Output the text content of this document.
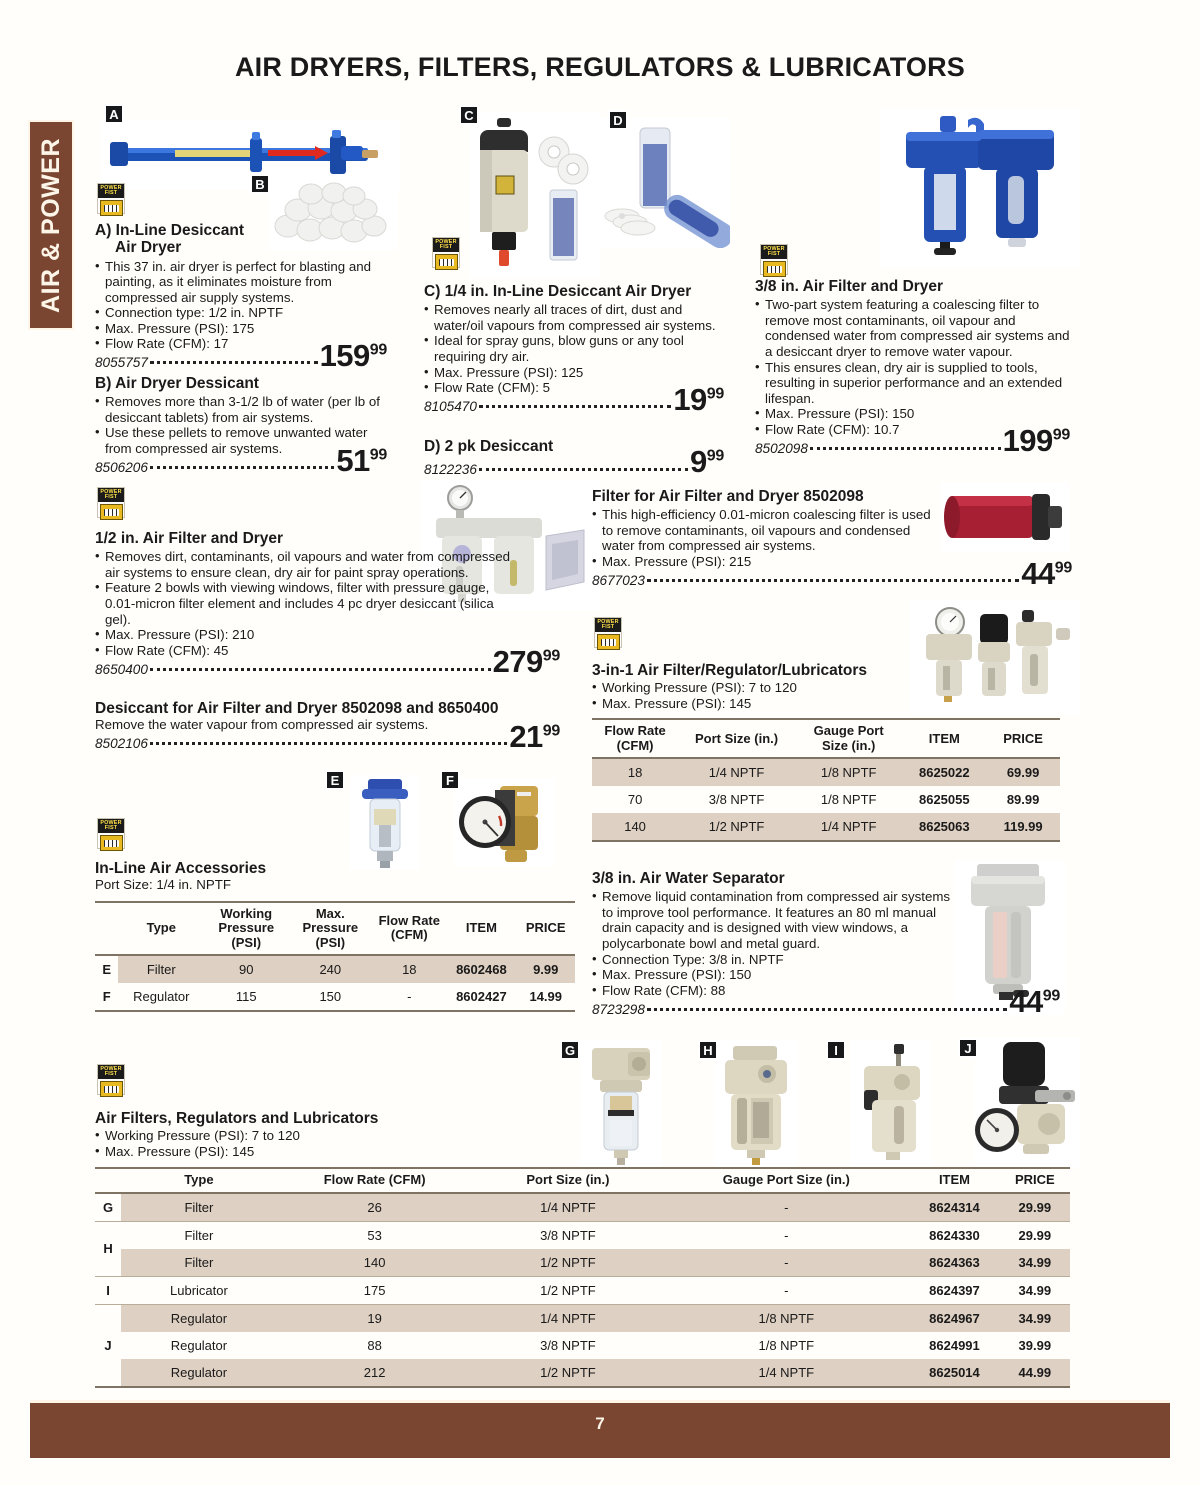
AIR & POWER
AIR DRYERS, FILTERS, REGULATORS & LUBRICATORS
A
B
POWER
FIST
A) In-Line Desiccant
Air Dryer
• This 37 in. air dryer is perfect for blasting and painting, as it eliminates moisture from compressed air supply systems.
• Connection type: 1/2 in. NPTF
• Max. Pressure (PSI): 175
• Flow Rate (CFM): 17
8055757	$159^{99}$
B) Air Dryer Dessicant
• Removes more than 3-1/2 lb of water (per lb of desiccant tablets) from air systems.
• Use these pellets to remove unwanted water from compressed air systems.
8506206	$51^{99}$
C	D
POWER
FIST
C) 1/4 in. In-Line Desiccant Air Dryer
• Removes nearly all traces of dirt, dust and water/oil vapours from compressed air systems.
• Ideal for spray guns, blow guns or any tool requiring dry air.
• Max. Pressure (PSI): 125
• Flow Rate (CFM): 5
8105470	$19^{99}$
D) 2 pk Desiccant
8122236	$9^{99}$
POWER
FIST
3/8 in. Air Filter and Dryer
• Two-part system featuring a coalescing filter to remove most contaminants, oil vapour and condensed water from compressed air systems and a desiccant dryer to remove water vapour.
• This ensures clean, dry air is supplied to tools, resulting in superior performance and an extended lifespan.
• Max. Pressure (PSI): 150
• Flow Rate (CFM): 10.7
8502098	$199^{99}$
POWER
FIST
1/2 in. Air Filter and Dryer
• Removes dirt, contaminants, oil vapours and water from compressed air systems to ensure clean, dry air for paint spray operations.
• Feature 2 bowls with viewing windows, filter with pressure gauge, 0.01-micron filter element and includes 4 pc dryer desiccant (silica gel).
• Max. Pressure (PSI): 210
• Flow Rate (CFM): 45
8650400	$279^{99}$
Desiccant for Air Filter and Dryer 8502098 and 8650400
Remove the water vapour from compressed air systems.
8502106	$21^{99}$
Filter for Air Filter and Dryer 8502098
• This high-efficiency 0.01-micron coalescing filter is used to remove contaminants, oil vapours and condensed water from compressed air systems.
• Max. Pressure (PSI): 215
8677023	$44^{99}$
POWER
FIST
3-in-1 Air Filter/Regulator/Lubricators
• Working Pressure (PSI): 7 to 120
• Max. Pressure (PSI): 145
Flow Rate
(CFM)	Port Size (in.)	Gauge Port
Size (in.)	ITEM	PRICE
18	1/4 NPTF	1/8 NPTF	8625022	69.99
70	3/8 NPTF	1/8 NPTF	8625055	89.99
140	1/2 NPTF	1/4 NPTF	8625063	119.99
3/8 in. Air Water Separator
• Remove liquid contamination from compressed air systems to improve tool performance. It features an 80 ml manual drain capacity and is designed with view windows, a polycarbonate bowl and metal guard.
• Connection Type: 3/8 in. NPTF
• Max. Pressure (PSI): 150
• Flow Rate (CFM): 88
8723298	$44^{99}$
E	F
POWER
FIST
In-Line Air Accessories
Port Size: 1/4 in. NPTF
	Type	Working
Pressure
(PSI)	Max.
Pressure
(PSI)	Flow Rate
(CFM)	ITEM	PRICE
E	Filter	90	240	18	8602468	9.99
F	Regulator	115	150	-	8602427	14.99
G	H	I	J
POWER
FIST
Air Filters, Regulators and Lubricators
• Working Pressure (PSI): 7 to 120
• Max. Pressure (PSI): 145
	Type	Flow Rate (CFM)	Port Size (in.)	Gauge Port Size (in.)	ITEM	PRICE
G	Filter	26	1/4 NPTF	-	8624314	29.99
H	Filter	53	3/8 NPTF	-	8624330	29.99
	Filter	140	1/2 NPTF	-	8624363	34.99
I	Lubricator	175	1/2 NPTF	-	8624397	34.99
J	Regulator	19	1/4 NPTF	1/8 NPTF	8624967	34.99
	Regulator	88	3/8 NPTF	1/8 NPTF	8624991	39.99
	Regulator	212	1/2 NPTF	1/4 NPTF	8625014	44.99
7
